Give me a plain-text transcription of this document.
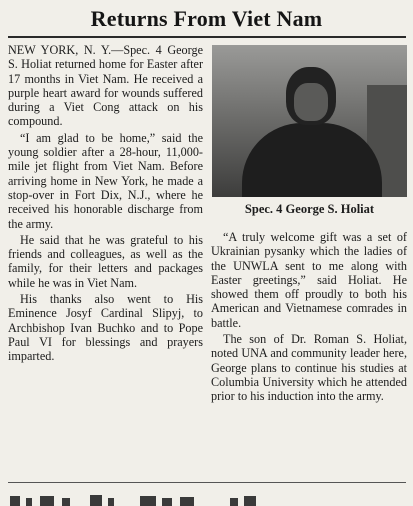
Returns From Viet Nam

NEW YORK, N. Y.—Spec. 4 George S. Holiat returned home for Easter after 17 months in Viet Nam. He received a purple heart award for wounds suffered during a Viet Cong attack on his compound.

“I am glad to be home,” said the young soldier after a 28-hour, 11,000-mile jet flight from Viet Nam. Before arriving home in New York, he made a stop-over in Fort Dix, N.J., where he received his honorable discharge from the army.

He said that he was grateful to his friends and colleagues, as well as the family, for their letters and packages while he was in Viet Nam.

His thanks also went to His Eminence Josyf Cardinal Slipyj, to Archbishop Ivan Buchko and to Pope Paul VI for blessings and prayers imparted.

Spec. 4 George S. Holiat

“A truly welcome gift was a set of Ukrainian pysanky which the ladies of the UNWLA sent to me along with Easter greetings,” said Holiat. He showed them off proudly to both his American and Vietnamese comrades in battle.

The son of Dr. Roman S. Holiat, noted UNA and community leader here, George plans to continue his studies at Columbia University which he attended prior to his induction into the army.
